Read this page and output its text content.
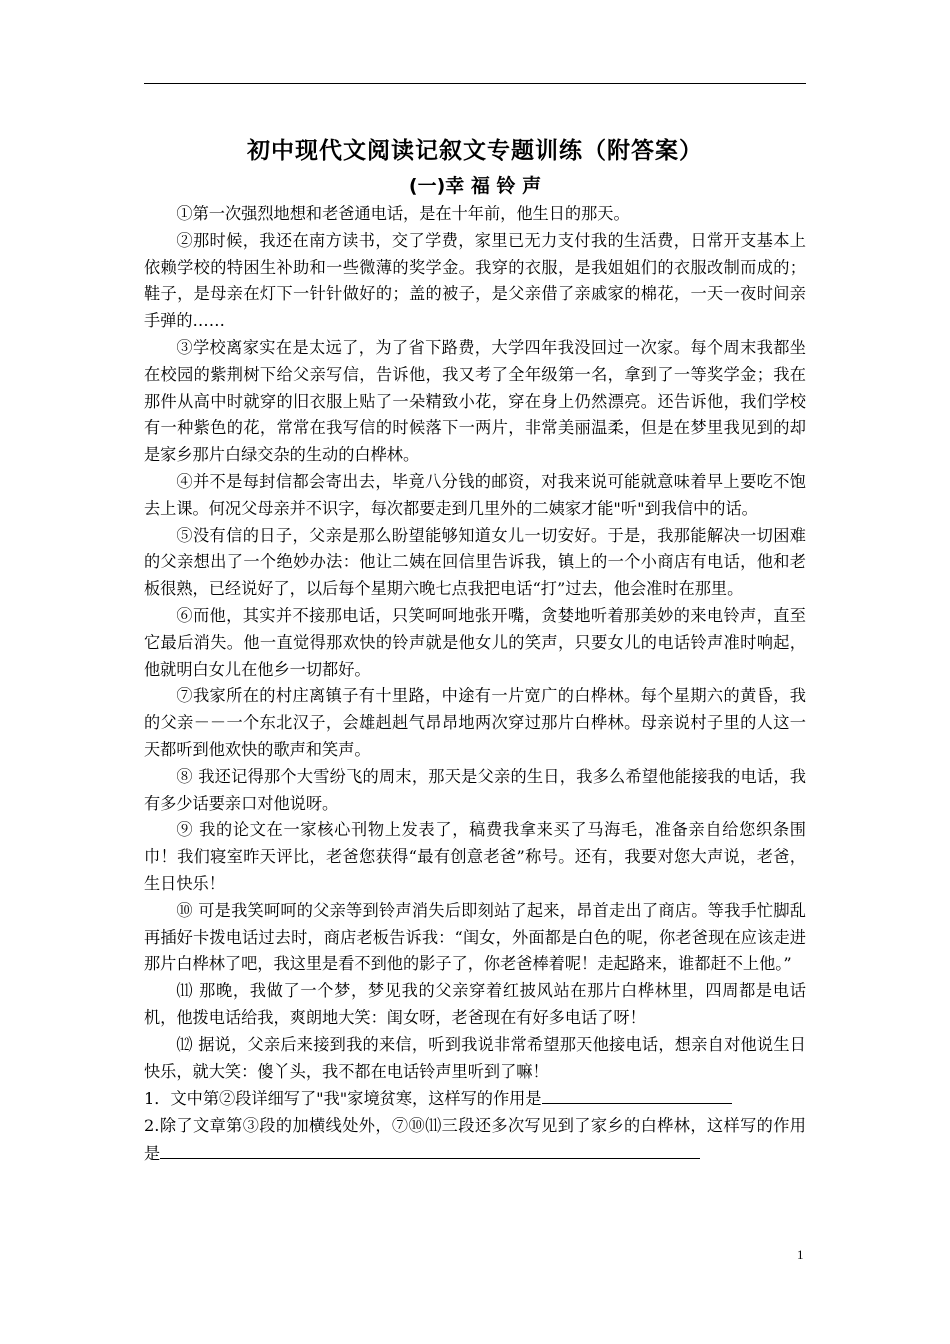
初中现代文阅读记叙文专题训练（附答案）
(一)幸 福 铃 声

①第一次强烈地想和老爸通电话，是在十年前，他生日的那天。

②那时候，我还在南方读书，交了学费，家里已无力支付我的生活费，日常开支基本上依赖学校的特困生补助和一些微薄的奖学金。我穿的衣服，是我姐姐们的衣服改制而成的；鞋子，是母亲在灯下一针针做好的；盖的被子，是父亲借了亲戚家的棉花，一天一夜时间亲手弹的……

③学校离家实在是太远了，为了省下路费，大学四年我没回过一次家。每个周末我都坐在校园的紫荆树下给父亲写信，告诉他，我又考了全年级第一名，拿到了一等奖学金；我在那件从高中时就穿的旧衣服上贴了一朵精致小花，穿在身上仍然漂亮。还告诉他，我们学校有一种紫色的花，常常在我写信的时候落下一两片，非常美丽温柔，但是在梦里我见到的却是家乡那片白绿交杂的生动的白桦林。

④并不是每封信都会寄出去，毕竟八分钱的邮资，对我来说可能就意味着早上要吃不饱去上课。何况父母亲并不识字，每次都要走到几里外的二姨家才能"听"到我信中的话。

⑤没有信的日子，父亲是那么盼望能够知道女儿一切安好。于是，我那能解决一切困难的父亲想出了一个绝妙办法：他让二姨在回信里告诉我，镇上的一个小商店有电话，他和老板很熟，已经说好了，以后每个星期六晚七点我把电话“打”过去，他会准时在那里。

⑥而他，其实并不接那电话，只笑呵呵地张开嘴，贪婪地听着那美妙的来电铃声，直至它最后消失。他一直觉得那欢快的铃声就是他女儿的笑声，只要女儿的电话铃声准时响起，他就明白女儿在他乡一切都好。

⑦我家所在的村庄离镇子有十里路，中途有一片宽广的白桦林。每个星期六的黄昏，我的父亲－－一个东北汉子，会雄赳赳气昂昂地两次穿过那片白桦林。母亲说村子里的人这一天都听到他欢快的歌声和笑声。

⑧ 我还记得那个大雪纷飞的周末，那天是父亲的生日，我多么希望他能接我的电话，我有多少话要亲口对他说呀。

⑨ 我的论文在一家核心刊物上发表了，稿费我拿来买了马海毛，准备亲自给您织条围巾！我们寝室昨天评比，老爸您获得“最有创意老爸”称号。还有，我要对您大声说，老爸，生日快乐！

⑩ 可是我笑呵呵的父亲等到铃声消失后即刻站了起来，昂首走出了商店。等我手忙脚乱再插好卡拨电话过去时，商店老板告诉我：“闺女，外面都是白色的呢，你老爸现在应该走进那片白桦林了吧，我这里是看不到他的影子了，你老爸棒着呢！走起路来，谁都赶不上他。”

⑾ 那晚，我做了一个梦，梦见我的父亲穿着红披风站在那片白桦林里，四周都是电话机，他拨电话给我，爽朗地大笑：闺女呀，老爸现在有好多电话了呀！

⑿ 据说，父亲后来接到我的来信，听到我说非常希望那天他接电话，想亲自对他说生日快乐，就大笑：傻丫头，我不都在电话铃声里听到了嘛！

1．文中第②段详细写了"我"家境贫寒，这样写的作用是

2.除了文章第③段的加横线处外，⑦⑩⑾三段还多次写见到了家乡的白桦林，这样写的作用是

1
